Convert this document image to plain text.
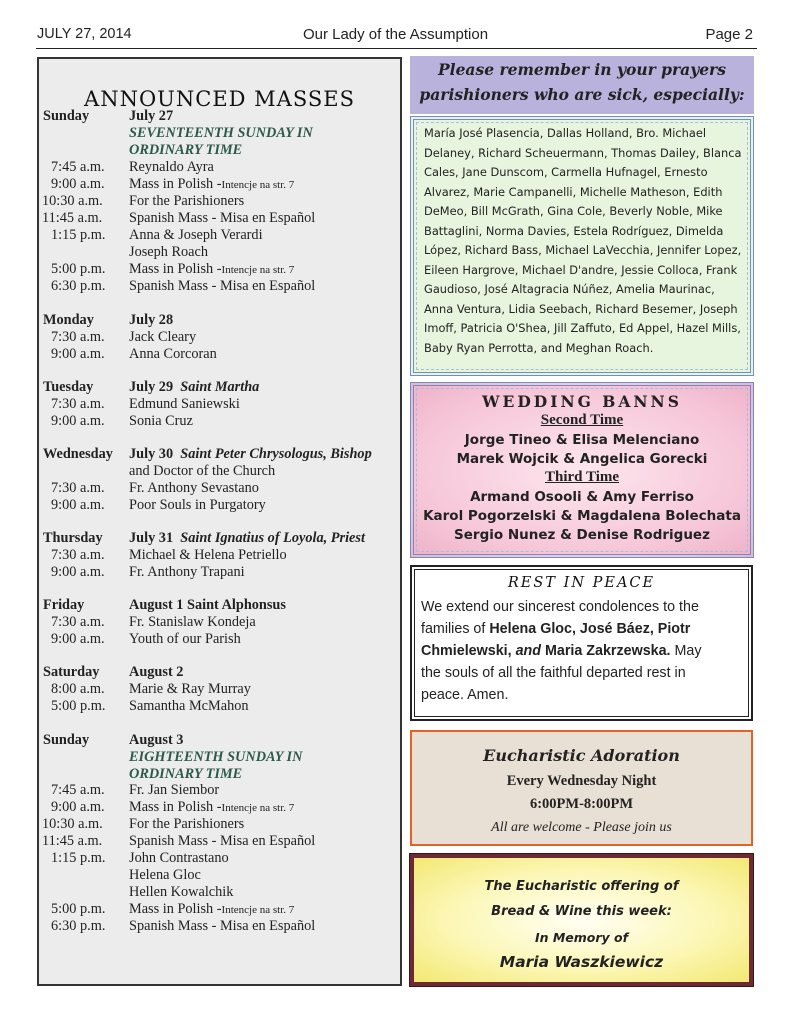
JULY 27, 2014	Our Lady of the Assumption	Page 2
ANNOUNCED MASSES
Sunday	July 27
SEVENTEENTH SUNDAY IN
ORDINARY TIME
7:45 a.m. Reynaldo Ayra
9:00 a.m. Mass in Polish -Intencje na str. 7
10:30 a.m. For the Parishioners
11:45 a.m. Spanish Mass - Misa en Español
1:15 p.m. Anna & Joseph Verardi
Joseph Roach
5:00 p.m. Mass in Polish -Intencje na str. 7
6:30 p.m. Spanish Mass - Misa en Español
Monday July 28
7:30 a.m. Jack Cleary
9:00 a.m. Anna Corcoran
Tuesday July 29 Saint Martha
7:30 a.m. Edmund Saniewski
9:00 a.m. Sonia Cruz
Wednesday July 30 Saint Peter Chrysologus, Bishop
and Doctor of the Church
7:30 a.m. Fr. Anthony Sevastano
9:00 a.m. Poor Souls in Purgatory
Thursday July 31 Saint Ignatius of Loyola, Priest
7:30 a.m. Michael & Helena Petriello
9:00 a.m. Fr. Anthony Trapani
Friday	August 1 Saint Alphonsus
7:30 a.m. Fr. Stanislaw Kondeja
9:00 a.m. Youth of our Parish
Saturday August 2
8:00 a.m. Marie & Ray Murray
5:00 p.m. Samantha McMahon
Sunday	August 3
EIGHTEENTH SUNDAY IN
ORDINARY TIME
7:45 a.m. Fr. Jan Siembor
9:00 a.m. Mass in Polish -Intencje na str. 7
10:30 a.m. For the Parishioners
11:45 a.m. Spanish Mass - Misa en Español
1:15 p.m. John Contrastano
Helena Gloc
Hellen Kowalchik
5:00 p.m. Mass in Polish -Intencje na str. 7
6:30 p.m. Spanish Mass - Misa en Español
Please remember in your prayers
parishioners who are sick, especially:
María José Plasencia, Dallas Holland, Bro. Michael
Delaney, Richard Scheuermann, Thomas Dailey, Blanca
Cales, Jane Dunscom, Carmella Hufnagel, Ernesto
Alvarez, Marie Campanelli, Michelle Matheson, Edith
DeMeo, Bill McGrath, Gina Cole, Beverly Noble, Mike
Battaglini, Norma Davies, Estela Rodríguez, Dimelda
López, Richard Bass, Michael LaVecchia, Jennifer Lopez,
Eileen Hargrove, Michael D'andre, Jessie Colloca, Frank
Gaudioso, José Altagracia Núñez, Amelia Maurinac,
Anna Ventura, Lidia Seebach, Richard Besemer, Joseph
Imoff, Patricia O'Shea, Jill Zaffuto, Ed Appel, Hazel Mills,
Baby Ryan Perrotta, and Meghan Roach.
WEDDING BANNS
Second Time
Jorge Tineo & Elisa Melenciano
Marek Wojcik & Angelica Gorecki
Third Time
Armand Osooli & Amy Ferriso
Karol Pogorzelski & Magdalena Bolechata
Sergio Nunez & Denise Rodriguez
REST IN PEACE
We extend our sincerest condolences to the
families of Helena Gloc, José Báez, Piotr
Chmielewski, and Maria Zakrzewska. May
the souls of all the faithful departed rest in
peace. Amen.
Eucharistic Adoration
Every Wednesday Night
6:00PM-8:00PM
All are welcome - Please join us
The Eucharistic offering of
Bread & Wine this week:
In Memory of
Maria Waszkiewicz
